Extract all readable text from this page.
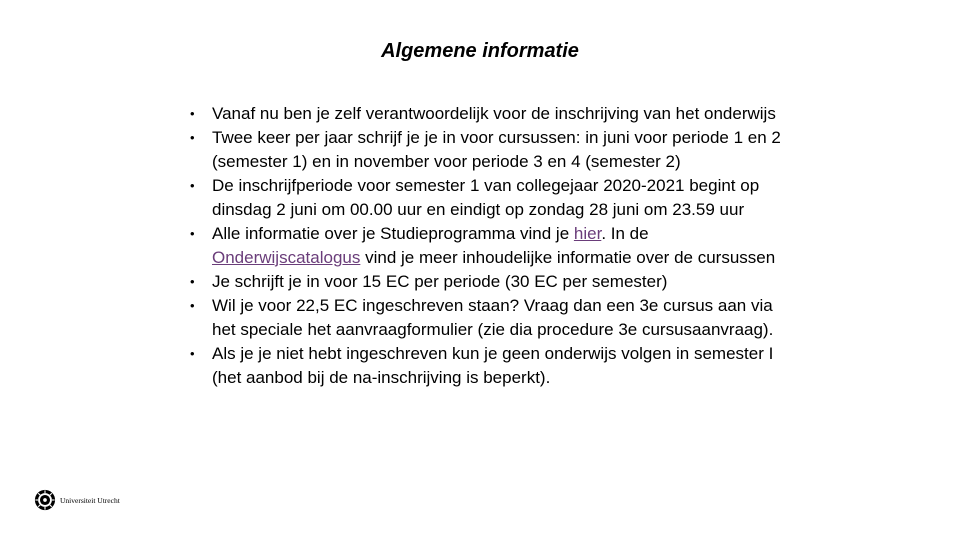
Algemene informatie
• Vanaf nu ben je zelf verantwoordelijk voor de inschrijving van het onderwijs
• Twee keer per jaar schrijf je je in voor cursussen: in juni voor periode 1 en 2 (semester 1) en in november voor periode 3 en 4 (semester 2)
• De inschrijfperiode voor semester 1 van collegejaar 2020-2021 begint op dinsdag 2 juni om 00.00 uur en eindigt op zondag 28 juni om 23.59 uur
• Alle informatie over je Studieprogramma vind je hier. In de Onderwijscatalogus vind je meer inhoudelijke informatie over de cursussen
• Je schrijft je in voor 15 EC per periode (30 EC per semester)
• Wil je voor 22,5 EC ingeschreven staan? Vraag dan een 3e cursus aan via het speciale het aanvraagformulier (zie dia procedure 3e cursusaanvraag).
• Als je je niet hebt ingeschreven kun je geen onderwijs volgen in semester I (het aanbod bij de na-inschrijving is beperkt).
Universiteit Utrecht
